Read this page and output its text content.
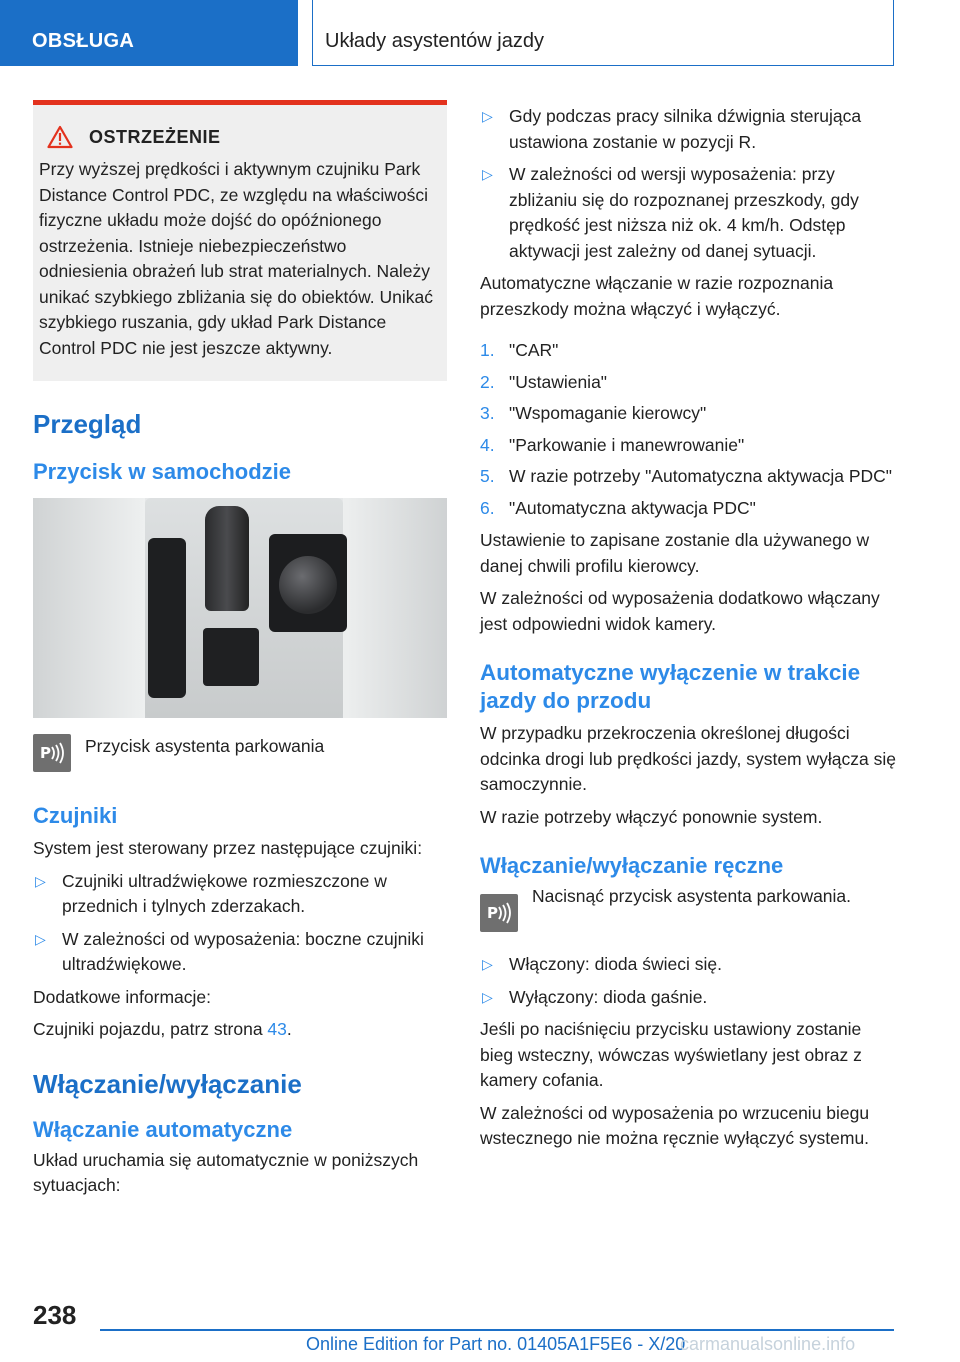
OBSŁUGA	Układy asystentów jazdy
OSTRZEŻENIE
Przy wyższej prędkości i aktywnym czujniku Park Distance Control PDC, ze względu na właściwości fizyczne układu może dojść do opóźnionego ostrzeżenia. Istnieje niebezpieczeństwo odniesienia obrażeń lub strat materialnych. Należy unikać szybkiego zbliżania się do obiektów. Unikać szybkiego ruszania, gdy układ Park Distance Control PDC nie jest jeszcze aktywny.
Przegląd
Przycisk w samochodzie
P Przycisk asystenta parkowania
Czujniki

System jest sterowany przez następujące czujniki:

▷ Czujniki ultradźwiękowe rozmieszczone w przednich i tylnych zderzakach.
▷ W zależności od wyposażenia: boczne czujniki ultradźwiękowe.

Dodatkowe informacje:

Czujniki pojazdu, patrz strona 43.

Włączanie/wyłączanie
Włączanie automatyczne

Układ uruchamia się automatycznie w poniższych sytuacjach:

▷ Gdy podczas pracy silnika dźwignia sterująca ustawiona zostanie w pozycji R.
▷ W zależności od wersji wyposażenia: przy zbliżaniu się do rozpoznanej przeszkody, gdy prędkość jest niższa niż ok. 4 km/h. Odstęp aktywacji jest zależny od danej sytuacji.

Automatyczne włączanie w razie rozpoznania przeszkody można włączyć i wyłączyć.

1. "CAR"
2. "Ustawienia"
3. "Wspomaganie kierowcy"
4. "Parkowanie i manewrowanie"
5. W razie potrzeby "Automatyczna aktywacja PDC"
6. "Automatyczna aktywacja PDC"

Ustawienie to zapisane zostanie dla używanego w danej chwili profilu kierowcy.

W zależności od wyposażenia dodatkowo włączany jest odpowiedni widok kamery.

Automatyczne wyłączenie w trakcie jazdy do przodu

W przypadku przekroczenia określonej długości odcinka drogi lub prędkości jazdy, system wyłącza się samoczynnie.

W razie potrzeby włączyć ponownie system.

Włączanie/wyłączanie ręczne
P
Nacisnąć przycisk asystenta parkowania.
▷ Włączony: dioda świeci się.
▷ Wyłączony: dioda gaśnie.

Jeśli po naciśnięciu przycisku ustawiony zostanie bieg wsteczny, wówczas wyświetlany jest obraz z kamery cofania.

W zależności od wyposażenia po wrzuceniu biegu wstecznego nie można ręcznie wyłączyć systemu.

238
Online Edition for Part no. 01405A1F5E6 - X/20
carmanualsonline.info
